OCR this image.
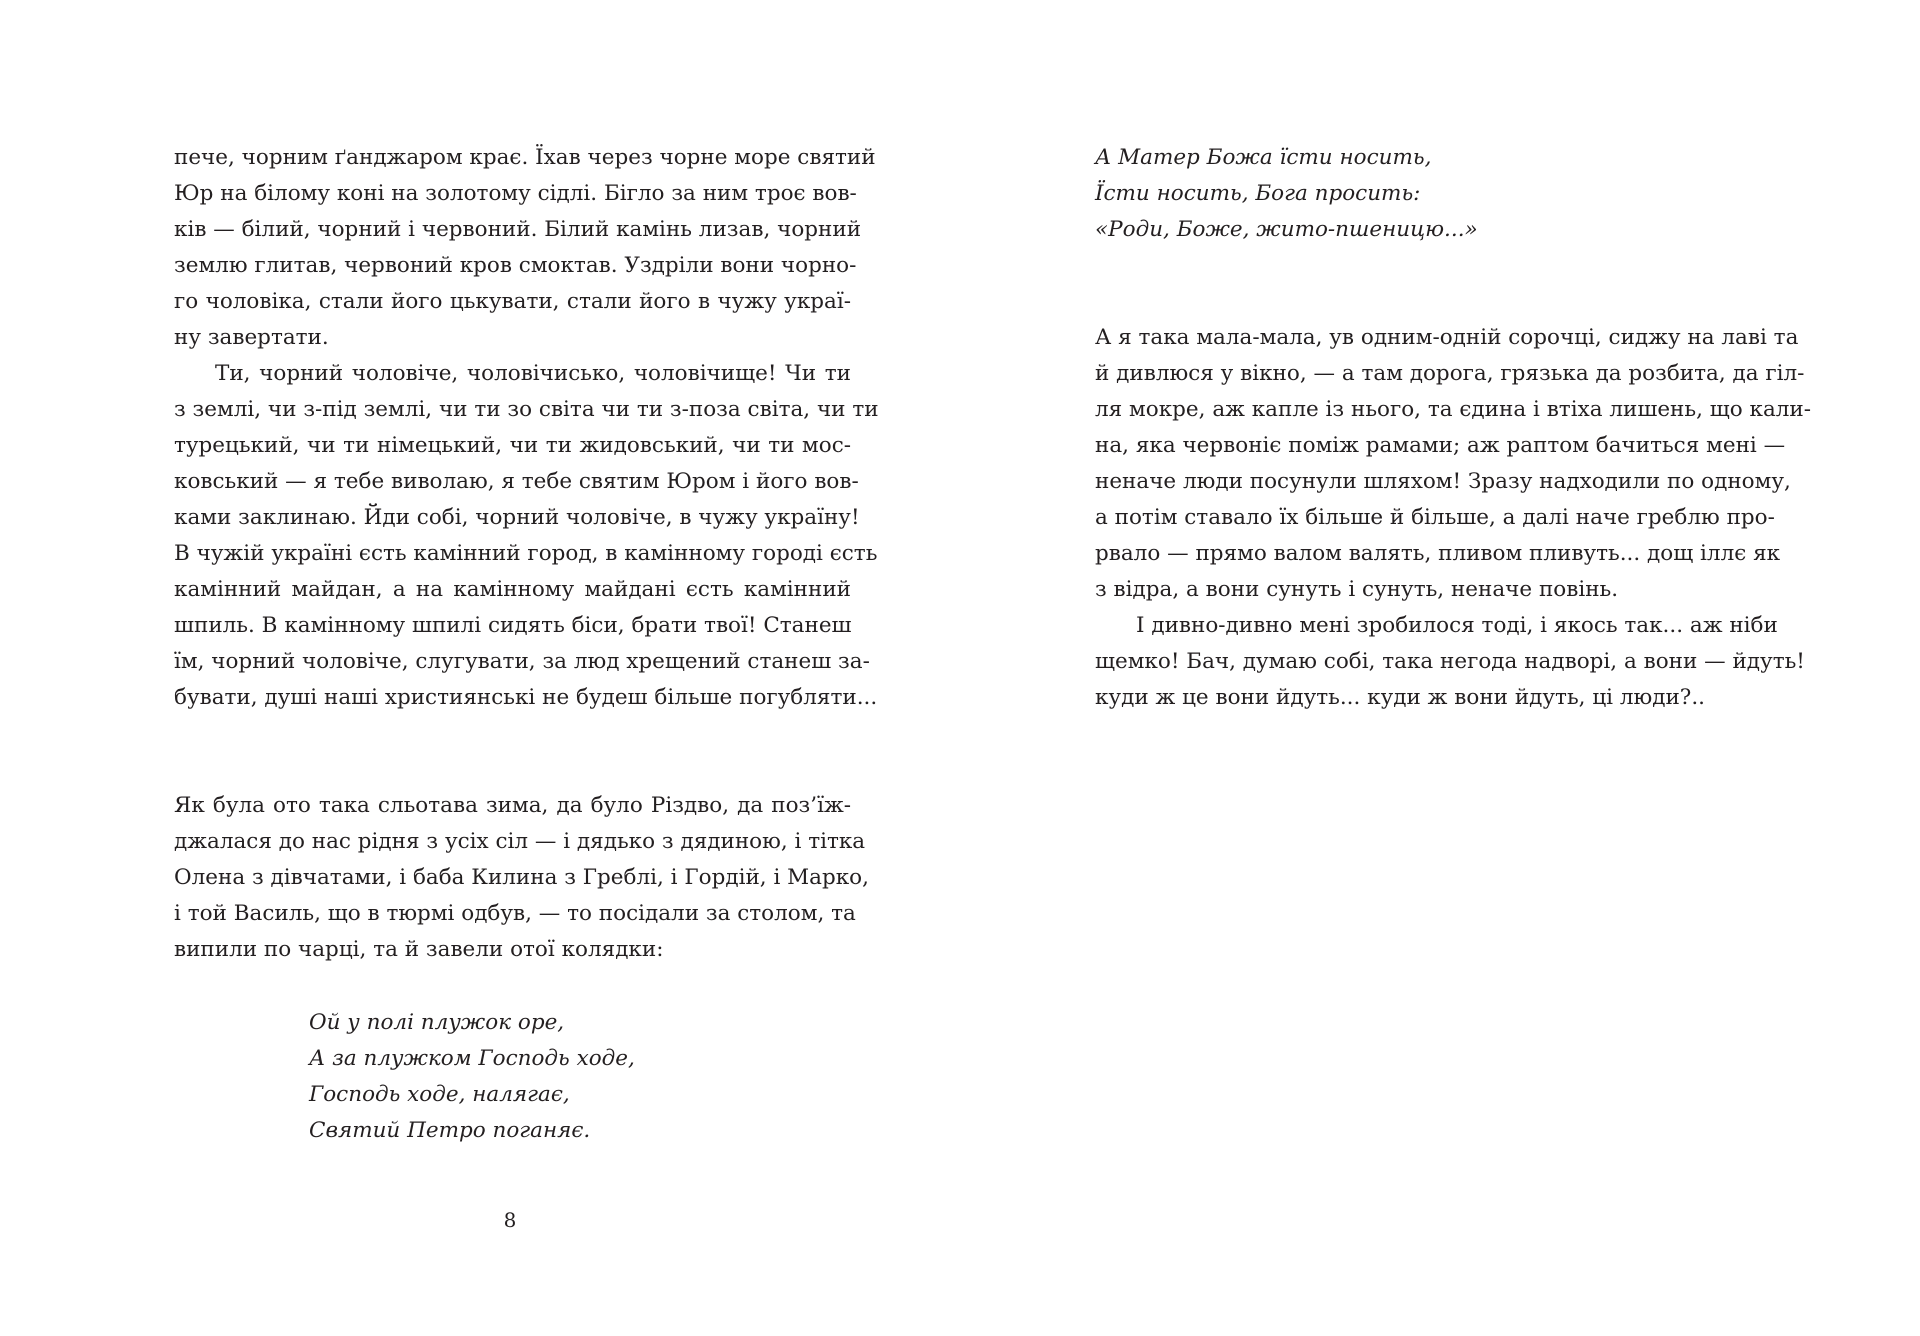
пече, чорним ґанджаром крає. Їхав через чорне море святий

Юр на білому коні на золотому сідлі. Бігло за ним троє вов-

ків — білий, чорний і червоний. Білий камінь лизав, чорний

землю глитав, червоний кров смоктав. Уздріли вони чорно-

го чоловіка, стали його цькувати, стали його в чужу украї-

ну завертати.

Ти, чорний чоловіче, чоловічисько, чоловічище! Чи ти

з землі, чи з-під землі, чи ти зо світа чи ти з-поза світа, чи ти

турецький, чи ти німецький, чи ти жидовський, чи ти мос-

ковський — я тебе виволаю, я тебе святим Юром і його вов-

ками заклинаю. Йди собі, чорний чоловіче, в чужу україну!

В чужій україні єсть камінний город, в камінному городі єсть

камінний майдан, а на камінному майдані єсть камінний

шпиль. В камінному шпилі сидять біси, брати твої! Станеш

їм, чорний чоловіче, слугувати, за люд хрещений станеш за-

бувати, душі наші християнські не будеш більше погубляти...

Як була ото така сльотава зима, да було Різдво, да поз’їж-

джалася до нас рідня з усіх сіл — і дядько з дядиною, і тітка

Олена з дівчатами, і баба Килина з Греблі, і Гордій, і Марко,

і той Василь, що в тюрмі одбув, — то посідали за столом, та

випили по чарці, та й завели отої колядки:

Ой у полі плужок оре,

А за плужком Господь ходе,

Господь ходе, налягає,

Святий Петро поганяє.

8

А Матер Божа їсти носить,

Їсти носить, Бога просить:

«Роди, Боже, жито-пшеницю...»

А я така мала-мала, ув одним-одній сорочці, сиджу на лаві та

й дивлюся у вікно, — а там дорога, грязька да розбита, да гіл-

ля мокре, аж капле із нього, та єдина і втіха лишень, що кали-

на, яка червоніє поміж рамами; аж раптом бачиться мені —

неначе люди посунули шляхом! Зразу надходили по одному,

а потім ставало їх більше й більше, а далі наче греблю про-

рвало — прямо валом валять, пливом пливуть... дощ іллє як

з відра, а вони сунуть і сунуть, неначе повінь.

І дивно-дивно мені зробилося тоді, і якось так... аж ніби

щемко! Бач, думаю собі, така негода надворі, а вони — йдуть!

куди ж це вони йдуть... куди ж вони йдуть, ці люди?..
